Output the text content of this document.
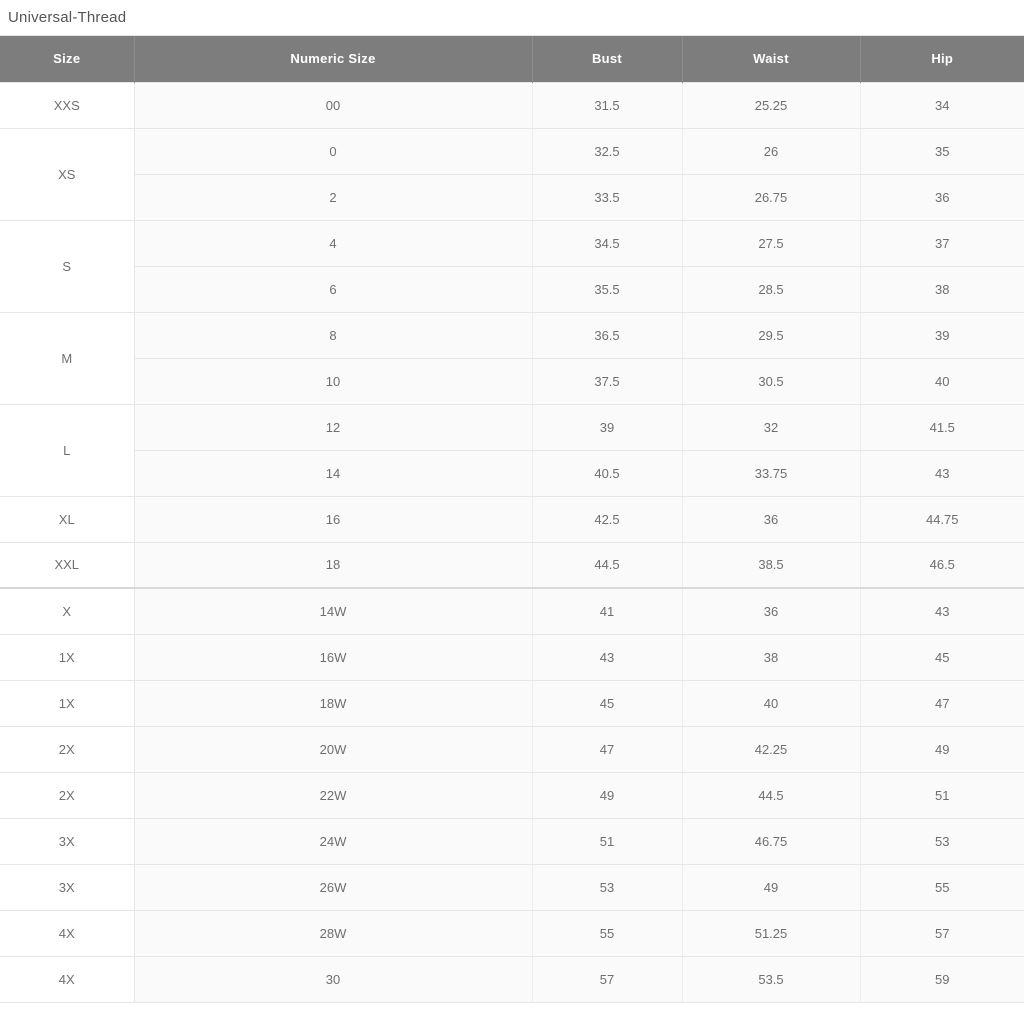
Universal-Thread
Size	Numeric Size	Bust	Waist	Hip
XXS	00	31.5	25.25	34
XS	0	32.5	26	35
	2	33.5	26.75	36
S	4	34.5	27.5	37
	6	35.5	28.5	38
M	8	36.5	29.5	39
	10	37.5	30.5	40
L	12	39	32	41.5
	14	40.5	33.75	43
XL	16	42.5	36	44.75
XXL	18	44.5	38.5	46.5
X	14W	41	36	43
1X	16W	43	38	45
1X	18W	45	40	47
2X	20W	47	42.25	49
2X	22W	49	44.5	51
3X	24W	51	46.75	53
3X	26W	53	49	55
4X	28W	55	51.25	57
4X	30	57	53.5	59
